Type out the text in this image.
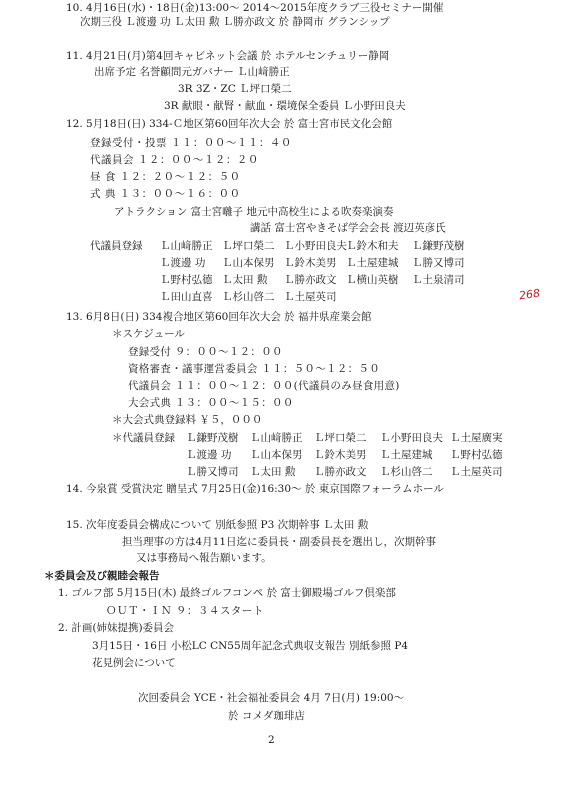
10. 4月16日(水)・18日(金)13:00～ 2014～2015年度クラブ三役セミナー開催
次期三役 Ｌ渡邊 功 Ｌ太田 勲 Ｌ勝亦政文 於 静岡市 グランシップ
11. 4月21日(月)第4回キャビネット会議 於 ホテルセンチュリー静岡
出席予定 名誉顧問元ガバナー Ｌ山﨑勝正
3R 3Z・ZC Ｌ坪口榮二
3R 献眼・献腎・献血・環境保全委員 Ｌ小野田良夫
12. 5月18日(日) 334-Ｃ地区第60回年次大会 於 富士宮市民文化会館
登録受付・投票 １１：００～１１：４０
代議員会 １２：００～１２：２０
昼 食 １２：２０～１２：５０
式 典 １３：００～１６：００
アトラクション 富士宮囃子 地元中高校生による吹奏楽演奏
講話 富士宮やきそば学会会長 渡辺英彦氏
代議員登録 Ｌ山﨑勝正 Ｌ坪口榮二 Ｌ小野田良夫 Ｌ鈴木和夫	Ｌ鎌野茂樹
Ｌ渡邊 功	Ｌ山本保男 Ｌ鈴木美男 Ｌ土屋建城	Ｌ勝又博司
Ｌ野村弘德 Ｌ太田 勲	Ｌ勝亦政文 Ｌ横山英樹	Ｌ土泉清司
Ｌ田山直喜 Ｌ杉山啓二 Ｌ土屋英司	268
13. 6月8日(日) 334複合地区第60回年次大会 於 福井県産業会館
＊スケジュール
登録受付 ９：００～１２：００
資格審査・議事運営委員会 １１：５０～１２：５０
代議員会 １１：００～１２：００(代議員のみ昼食用意)
大会式典 １３：００～１５：００
＊大会式典登録料 ￥５，０００
＊代議員登録 Ｌ鎌野茂樹	Ｌ山﨑勝正	Ｌ坪口榮二	Ｌ小野田良夫 Ｌ土屋廣実
Ｌ渡邊 功	Ｌ山本保男	Ｌ鈴木美男	Ｌ土屋建城	Ｌ野村弘德
Ｌ勝又博司	Ｌ太田 勲	Ｌ勝亦政文	Ｌ杉山啓二	Ｌ土屋英司
14. 今泉賞 受賞決定 贈呈式 7月25日(金)16:30～ 於 東京国際フォーラムホール
15. 次年度委員会構成について 別紙参照 P3 次期幹事 Ｌ太田 勲
担当理事の方は4月11日迄に委員長・副委員長を選出し，次期幹事
又は事務局へ報告願います。
＊委員会及び親睦会報告
1. ゴルフ部 5月15日(木) 最終ゴルフコンペ 於 富士御殿場ゴルフ倶楽部
ＯＵＴ・ＩＮ ９：３４スタート
2. 計画(姉妹提携)委員会
3月15日・16日 小松LC CN55周年記念式典収支報告 別紙参照 P4
花見例会について
次回委員会 YCE・社会福祉委員会 4月 7日(月) 19:00～
於 コメダ珈琲店
2
